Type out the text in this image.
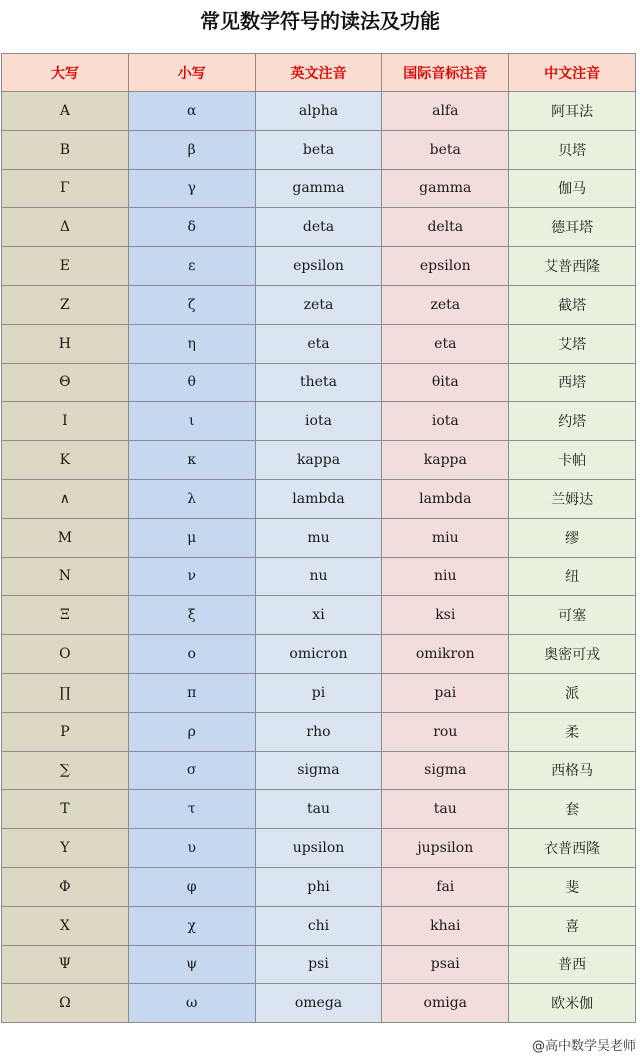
常见数学符号的读法及功能
大写	小写	英文注音	国际音标注音	中文注音
Α	α	alpha	alfa	阿耳法
Β	β	beta	beta	贝塔
Γ	γ	gamma	gamma	伽马
Δ	δ	deta	delta	德耳塔
Ε	ε	epsilon	epsilon	艾普西隆
Ζ	ζ	zeta	zeta	截塔
Η	η	eta	eta	艾塔
Θ	θ	theta	θita	西塔
Ι	ι	iota	iota	约塔
Κ	κ	kappa	kappa	卡帕
∧	λ	lambda	lambda	兰姆达
Μ	μ	mu	miu	缪
Ν	ν	nu	niu	纽
Ξ	ξ	xi	ksi	可塞
Ο	ο	omicron	omikron	奥密可戎
∏	π	pi	pai	派
Ρ	ρ	rho	rou	柔
∑	σ	sigma	sigma	西格马
Τ	τ	tau	tau	套
Υ	υ	upsilon	jupsilon	衣普西隆
Φ	φ	phi	fai	斐
Χ	χ	chi	khai	喜
Ψ	ψ	psi	psai	普西
Ω	ω	omega	omiga	欧米伽
@高中数学吴老师
